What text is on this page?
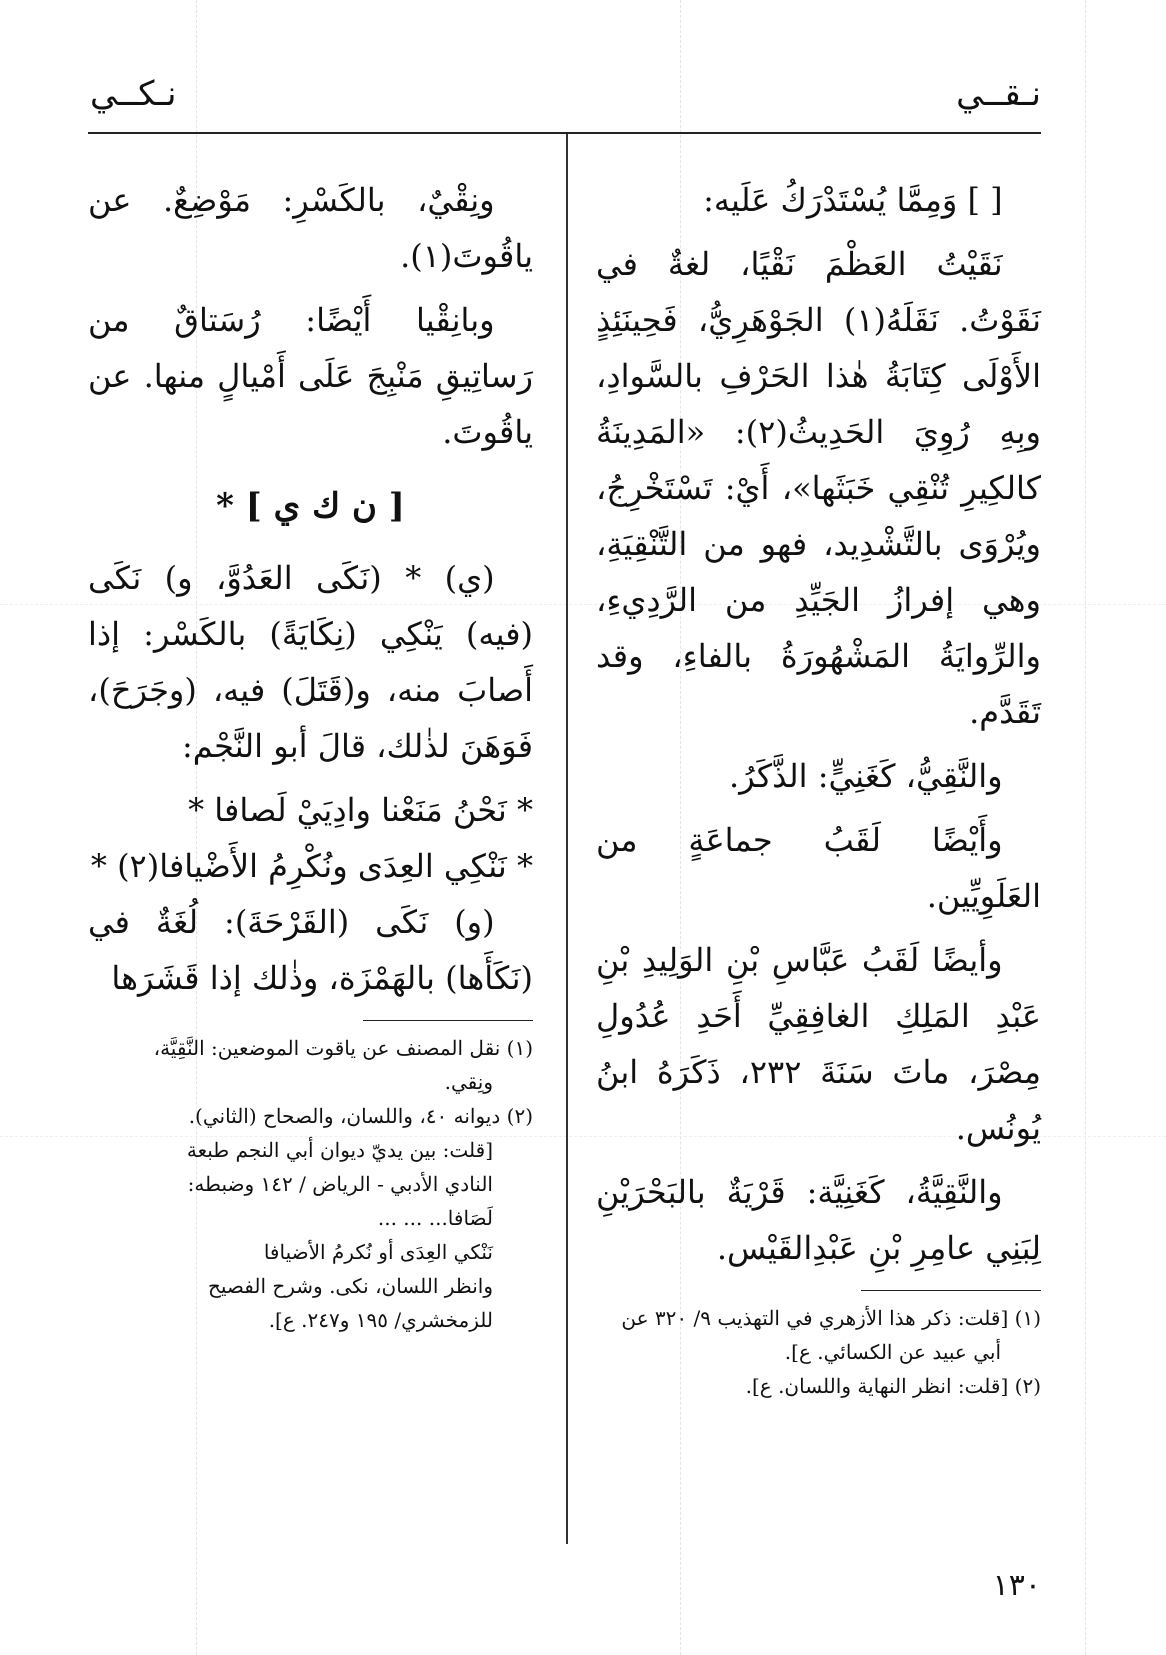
نـقــي
نـكــي

[ ] وَمِمَّا يُسْتَدْرَكُ عَلَيه:

نَقَيْتُ العَظْمَ نَقْيًا، لغةٌ في نَقَوْتُ. نَقَلَهُ(١) الجَوْهَرِيُّ، فَحِينَئِذٍ الأَوْلَى كِتَابَةُ هٰذا الحَرْفِ بالسَّوادِ، وبِهِ رُوِيَ الحَدِيثُ(٢): «المَدِينَةُ كالكِيرِ تُنْقِي خَبَثَها»، أَيْ: تَسْتَخْرِجُ، ويُرْوَى بالتَّشْدِيد، فهو من التَّنْقِيَةِ، وهي إفرازُ الجَيِّدِ من الرَّدِيءِ، والرِّوايَةُ المَشْهُورَةُ بالفاءِ، وقد تَقَدَّم.

والنَّقِيُّ، كَغَنِيٍّ: الذَّكَرُ.

وأَيْضًا لَقَبُ جماعَةٍ من العَلَوِيِّين.

وأيضًا لَقَبُ عَبَّاسِ بْنِ الوَلِيدِ بْنِ عَبْدِ المَلِكِ الغافِقِيِّ أَحَدِ عُدُولِ مِصْرَ، ماتَ سَنَةَ ٢٣٢، ذَكَرَهُ ابنُ يُونُس.

والنَّقِيَّةُ، كَغَنِيَّة: قَرْيَةٌ بالبَحْرَيْنِ لِبَنِي عامِرِ بْنِ عَبْدِالقَيْس.

(١) [قلت: ذكر هذا الأزهري في التهذيب ٩/ ٣٢٠ عن أبي عبيد عن الكسائي. ع].

(٢) [قلت: انظر النهاية واللسان. ع].

ونِقْيٌ، بالكَسْرِ: مَوْضِعٌ. عن ياقُوتَ(١).

وبانِقْيا أَيْضًا: رُسَتاقٌ من رَساتِيقِ مَنْبِجَ عَلَى أَمْيالٍ منها. عن ياقُوتَ.

[ ن ك ي ] *

(ي) * (نَكَى العَدُوَّ، و) نَكَى (فيه) يَنْكِي (نِكَايَةً) بالكَسْر: إذا أَصابَ منه، و(قَتَلَ) فيه، (وجَرَحَ)، فَوَهَنَ لذٰلك، قالَ أبو النَّجْم:

* نَحْنُ مَنَعْنا وادِيَيْ لَصافا *

* نَنْكِي العِدَى ونُكْرِمُ الأَضْيافا(٢) *

(و) نَكَى (القَرْحَةَ): لُغَةٌ في (نَكَأَها) بالهَمْزَة، وذٰلك إذا قَشَرَها

(١) نقل المصنف عن ياقوت الموضعين: النَّقِيَّة،

ونِقي.

(٢) ديوانه ٤٠، واللسان، والصحاح (الثاني).

[قلت: بين يديّ ديوان أبي النجم طبعة

النادي الأدبي - الرياض / ١٤٢ وضبطه:

لَصَافا... ... ...

نَنْكي العِدَى أو نُكرمُ الأضيافا

وانظر اللسان، نكى. وشرح الفصيح

للزمخشري/ ١٩٥ و٢٤٧. ع].

١٣٠
